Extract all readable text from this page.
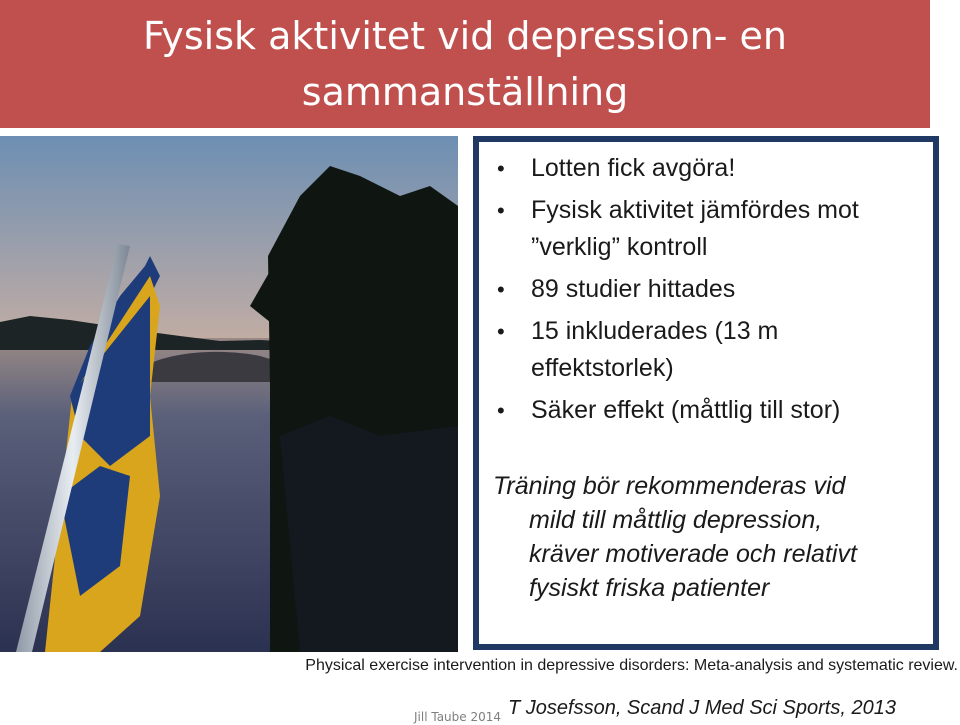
Fysisk aktivitet vid depression- en
sammanställning
• Lotten fick avgöra!
• Fysisk aktivitet jämfördes mot
”verklig” kontroll
• 89 studier hittades
• 15 inkluderades (13 m
effektstorlek)
• Säker effekt (måttlig till stor)
Träning bör rekommenderas vid
mild till måttlig depression,
kräver motiverade och relativt
fysiskt friska patienter
Physical exercise intervention in depressive disorders: Meta-analysis and systematic review.
Jill Taube 2014 T Josefsson, Scand J Med Sci Sports, 2013
